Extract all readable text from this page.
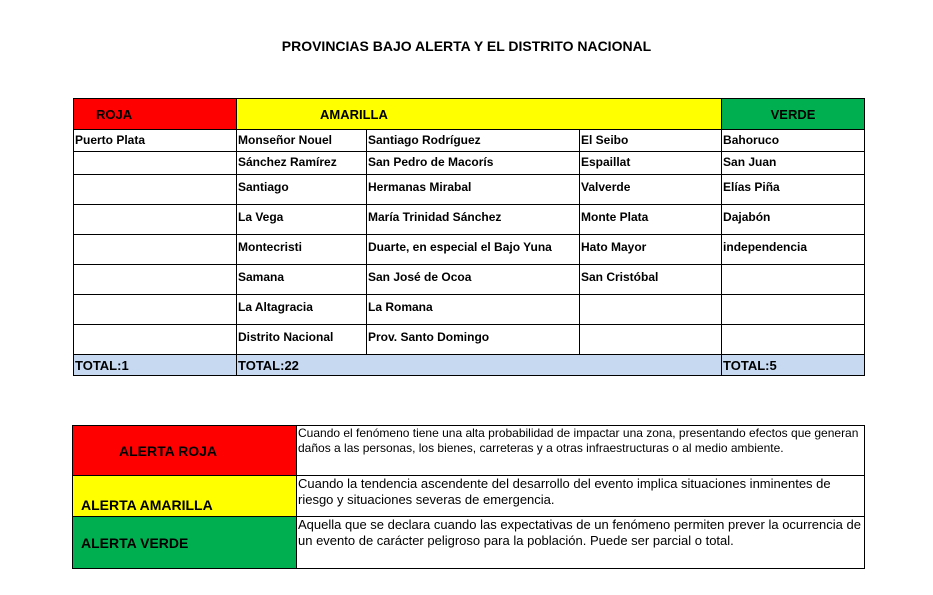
PROVINCIAS BAJO ALERTA Y EL DISTRITO NACIONAL
ROJA	AMARILLA			VERDE
Puerto Plata	Monseñor Nouel	Santiago Rodríguez	El Seibo	Bahoruco
	Sánchez Ramírez	San Pedro de Macorís	Espaillat	San Juan
	Santiago	Hermanas Mirabal	Valverde	Elías Piña
	La Vega	María Trinidad Sánchez	Monte Plata	Dajabón
	Montecristi	Duarte, en especial el Bajo Yuna	Hato Mayor	independencia
	Samana	San José de Ocoa	San Cristóbal	
	La Altagracia	La Romana		
	Distrito Nacional	Prov. Santo Domingo		
TOTAL:1	TOTAL:22			TOTAL:5
ALERTA ROJA	Cuando el fenómeno tiene una alta probabilidad de impactar una zona, presentando efectos que generan daños a las personas, los bienes, carreteras y a otras infraestructuras o al medio ambiente.
ALERTA AMARILLA	Cuando la tendencia ascendente del desarrollo del evento implica situaciones inminentes de riesgo y situaciones severas de emergencia.
ALERTA VERDE	Aquella que se declara cuando las expectativas de un fenómeno permiten prever la ocurrencia de un evento de carácter peligroso para la población. Puede ser parcial o total.
